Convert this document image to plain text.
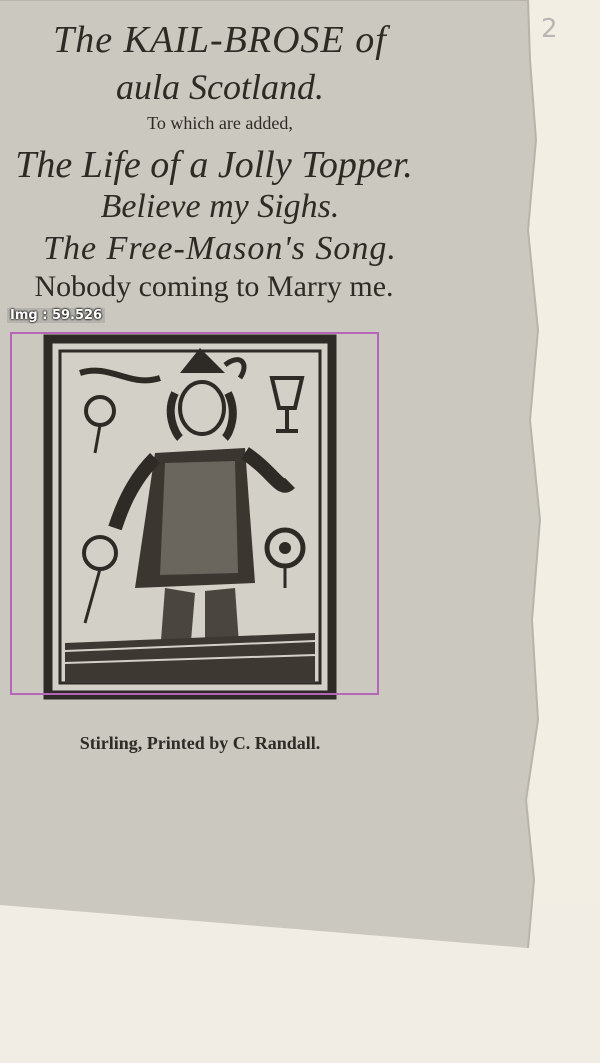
2
The KAIL-BROSE of
aula Scotland.
To which are added,
The Life of a Jolly Topper.
Believe my Sighs.
The Free-Mason's Song.
Nobody coming to Marry me.
Stirling, Printed by C. Randall.
Img : 59.526
